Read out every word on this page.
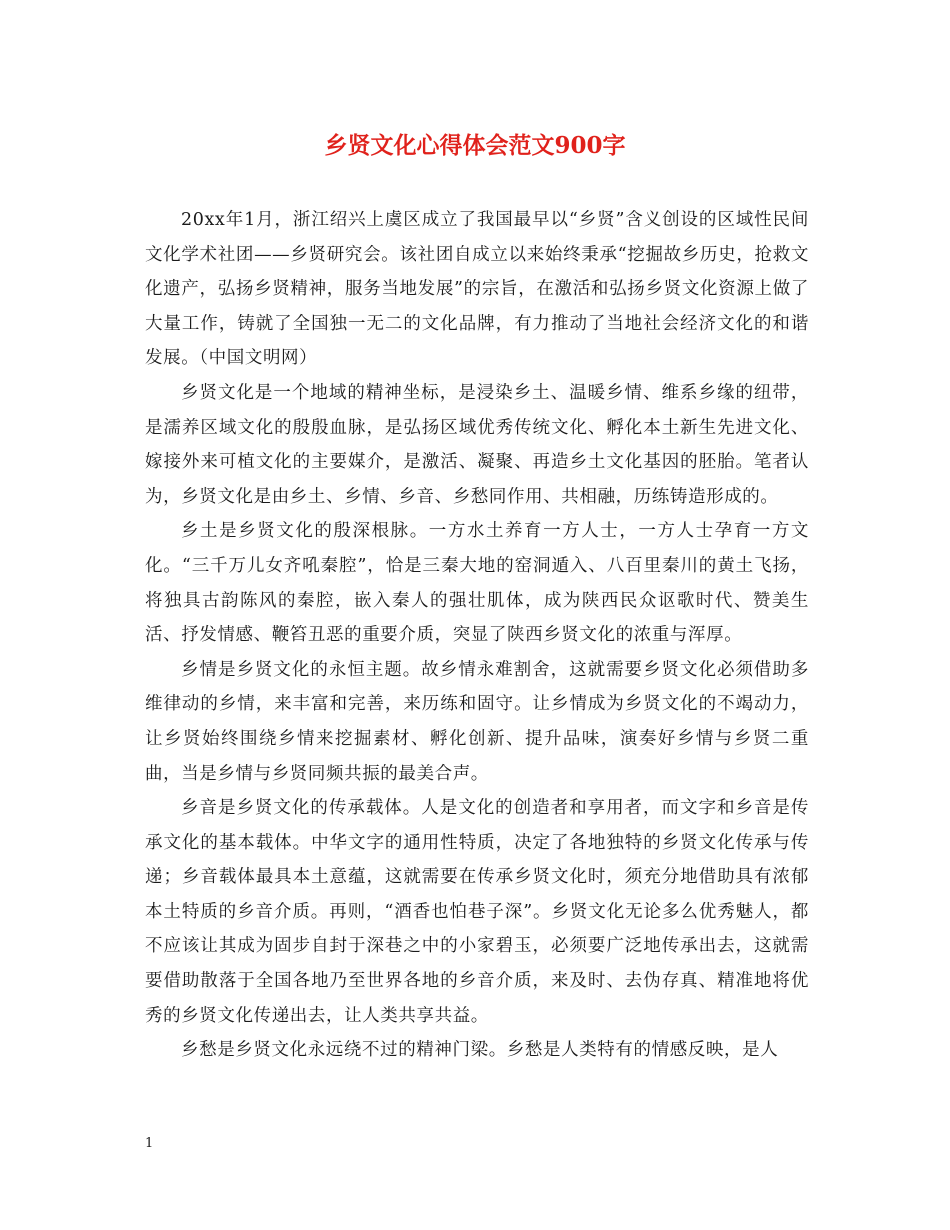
乡贤文化心得体会范文900字

20xx年1月，浙江绍兴上虞区成立了我国最早以“乡贤”含义创设的区域性民间文化学术社团——乡贤研究会。该社团自成立以来始终秉承“挖掘故乡历史，抢救文化遗产，弘扬乡贤精神，服务当地发展”的宗旨，在激活和弘扬乡贤文化资源上做了大量工作，铸就了全国独一无二的文化品牌，有力推动了当地社会经济文化的和谐发展。（中国文明网）

乡贤文化是一个地域的精神坐标，是浸染乡土、温暖乡情、维系乡缘的纽带，是濡养区域文化的殷殷血脉，是弘扬区域优秀传统文化、孵化本土新生先进文化、嫁接外来可植文化的主要媒介，是激活、凝聚、再造乡土文化基因的胚胎。笔者认为，乡贤文化是由乡土、乡情、乡音、乡愁同作用、共相融，历练铸造形成的。

乡土是乡贤文化的殷深根脉。一方水土养育一方人士，一方人士孕育一方文化。“三千万儿女齐吼秦腔”，恰是三秦大地的窑洞遁入、八百里秦川的黄土飞扬，将独具古韵陈风的秦腔，嵌入秦人的强壮肌体，成为陕西民众讴歌时代、赞美生活、抒发情感、鞭笞丑恶的重要介质，突显了陕西乡贤文化的浓重与浑厚。

乡情是乡贤文化的永恒主题。故乡情永难割舍，这就需要乡贤文化必须借助多维律动的乡情，来丰富和完善，来历练和固守。让乡情成为乡贤文化的不竭动力，让乡贤始终围绕乡情来挖掘素材、孵化创新、提升品味，演奏好乡情与乡贤二重曲，当是乡情与乡贤同频共振的最美合声。

乡音是乡贤文化的传承载体。人是文化的创造者和享用者，而文字和乡音是传承文化的基本载体。中华文字的通用性特质，决定了各地独特的乡贤文化传承与传递；乡音载体最具本土意蕴，这就需要在传承乡贤文化时，须充分地借助具有浓郁本土特质的乡音介质。再则，“酒香也怕巷子深”。乡贤文化无论多么优秀魅人，都不应该让其成为固步自封于深巷之中的小家碧玉，必须要广泛地传承出去，这就需要借助散落于全国各地乃至世界各地的乡音介质，来及时、去伪存真、精准地将优秀的乡贤文化传递出去，让人类共享共益。

乡愁是乡贤文化永远绕不过的精神门梁。乡愁是人类特有的情感反映，是人

1
